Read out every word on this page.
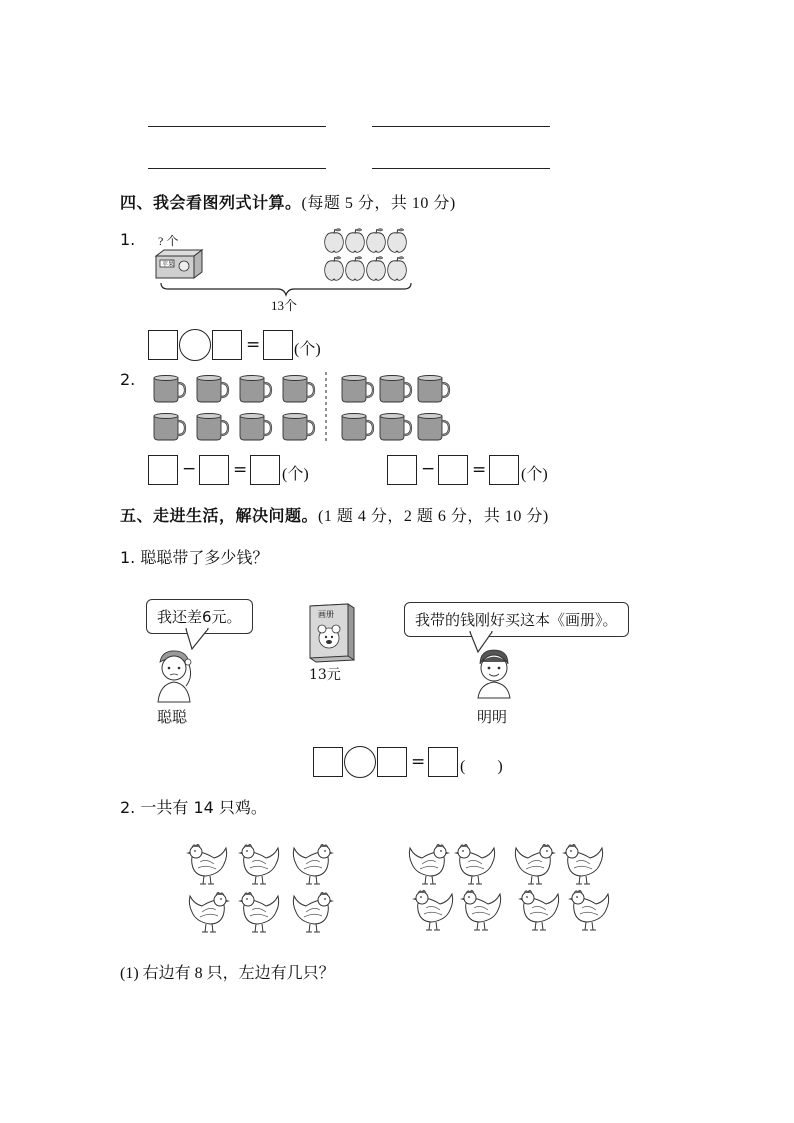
四、我会看图列式计算。(每题 5 分，共 10 分)
1. ? 个
苹果
13个
= (个)
2.
− = (个)	− = (个)
五、走进生活，解决问题。(1 题 4 分，2 题 6 分，共 10 分)
1. 聪聪带了多少钱？
我还差6元。	我带的钱刚好买这本《画册》。
画册
13元
聪聪	明明
= (　　)
2. 一共有 14 只鸡。
(1) 右边有 8 只，左边有几只？
